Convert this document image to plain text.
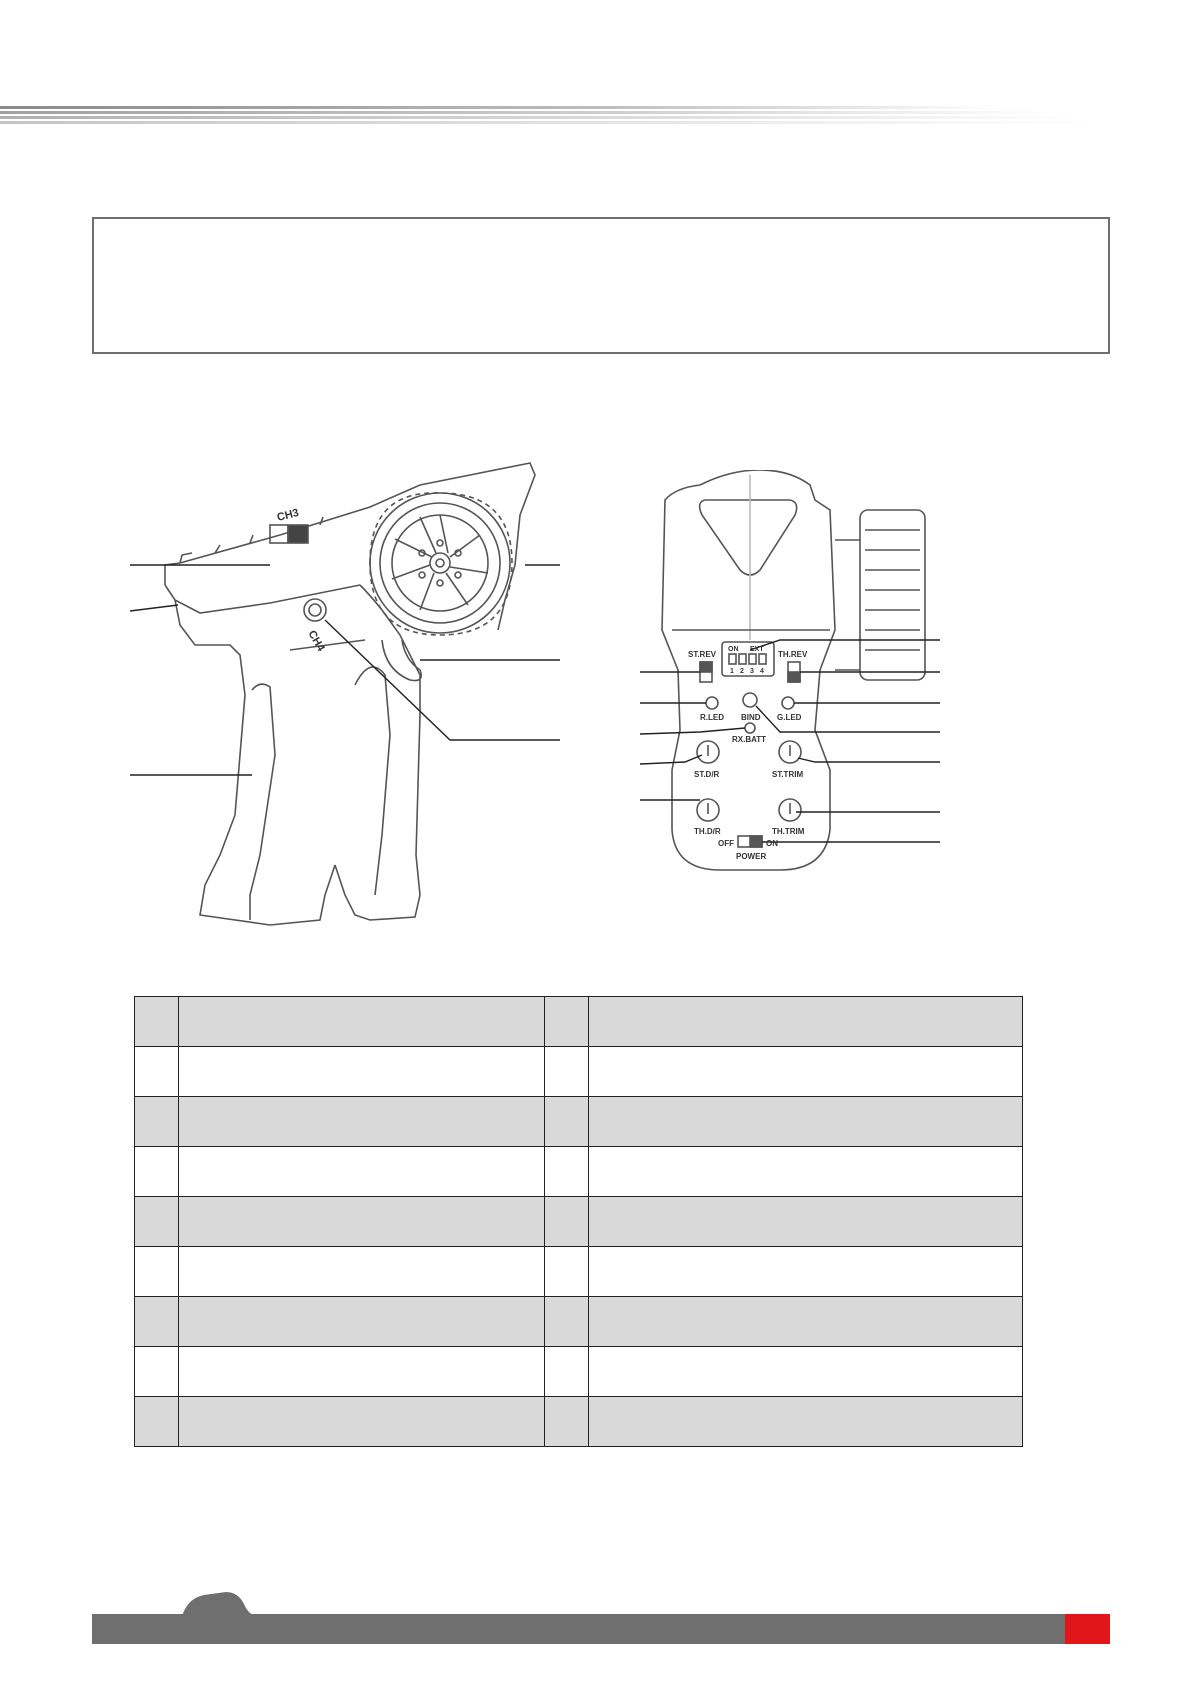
CH3
CH4
ST.REV	TH.REV
ON EXT
1 2 3 4
R.LED BIND G.LED
RX.BATT
ST.D/R	ST.TRIM
TH.D/R	TH.TRIM
OFF	ON
POWER
